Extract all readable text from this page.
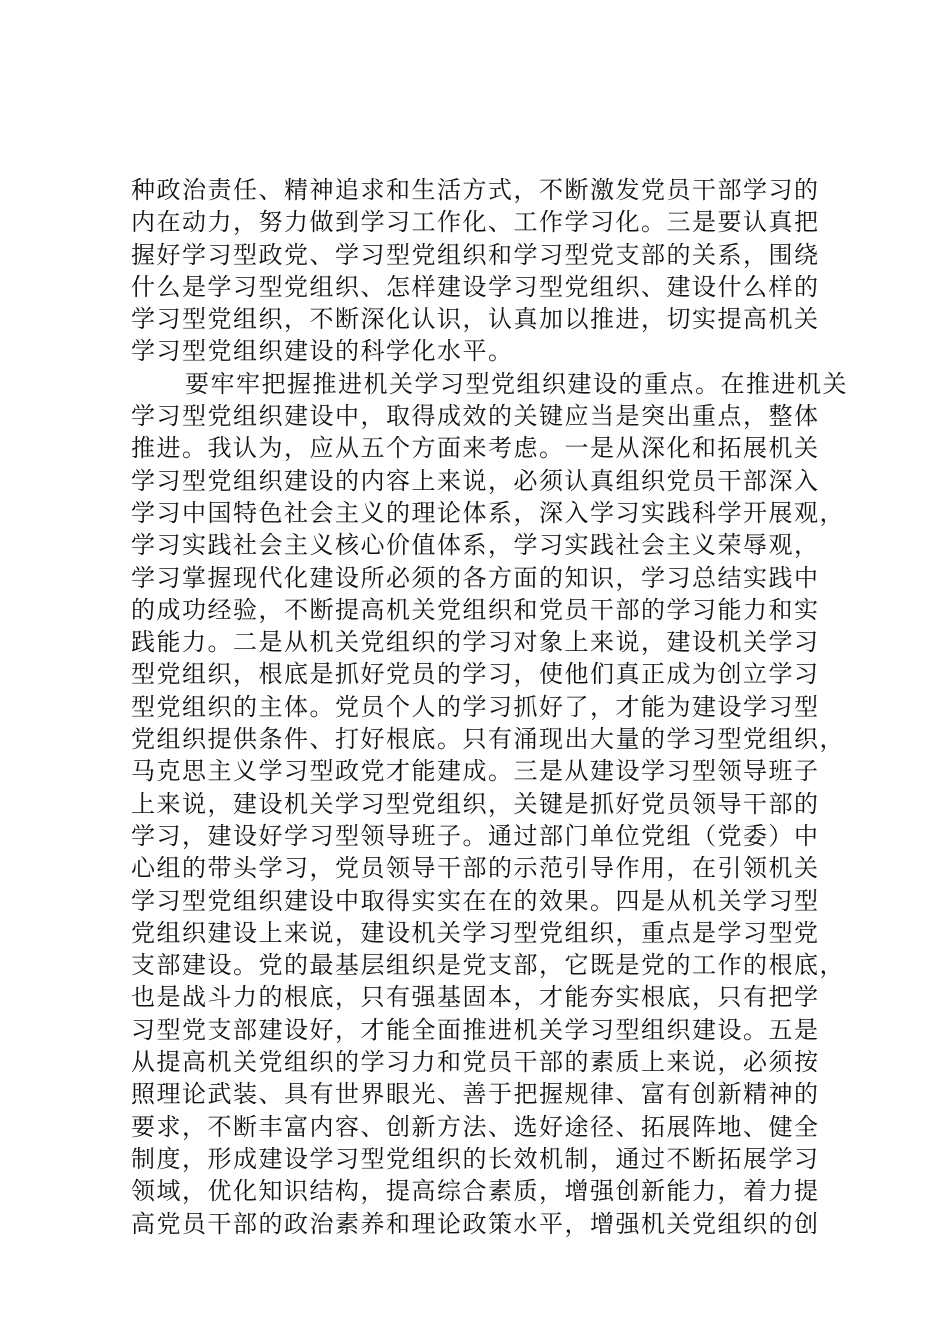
种政治责任、精神追求和生活方式，不断激发党员干部学习的
内在动力，努力做到学习工作化、工作学习化。三是要认真把
握好学习型政党、学习型党组织和学习型党支部的关系，围绕
什么是学习型党组织、怎样建设学习型党组织、建设什么样的
学习型党组织，不断深化认识，认真加以推进，切实提高机关
学习型党组织建设的科学化水平。
要牢牢把握推进机关学习型党组织建设的重点。在推进机关
学习型党组织建设中，取得成效的关键应当是突出重点，整体
推进。我认为，应从五个方面来考虑。一是从深化和拓展机关
学习型党组织建设的内容上来说，必须认真组织党员干部深入
学习中国特色社会主义的理论体系，深入学习实践科学开展观，
学习实践社会主义核心价值体系，学习实践社会主义荣辱观，
学习掌握现代化建设所必须的各方面的知识，学习总结实践中
的成功经验，不断提高机关党组织和党员干部的学习能力和实
践能力。二是从机关党组织的学习对象上来说，建设机关学习
型党组织，根底是抓好党员的学习，使他们真正成为创立学习
型党组织的主体。党员个人的学习抓好了，才能为建设学习型
党组织提供条件、打好根底。只有涌现出大量的学习型党组织，
马克思主义学习型政党才能建成。三是从建设学习型领导班子
上来说，建设机关学习型党组织，关键是抓好党员领导干部的
学习，建设好学习型领导班子。通过部门单位党组（党委）中
心组的带头学习，党员领导干部的示范引导作用，在引领机关
学习型党组织建设中取得实实在在的效果。四是从机关学习型
党组织建设上来说，建设机关学习型党组织，重点是学习型党
支部建设。党的最基层组织是党支部，它既是党的工作的根底，
也是战斗力的根底，只有强基固本，才能夯实根底，只有把学
习型党支部建设好，才能全面推进机关学习型组织建设。五是
从提高机关党组织的学习力和党员干部的素质上来说，必须按
照理论武装、具有世界眼光、善于把握规律、富有创新精神的
要求，不断丰富内容、创新方法、选好途径、拓展阵地、健全
制度，形成建设学习型党组织的长效机制，通过不断拓展学习
领域，优化知识结构，提高综合素质，增强创新能力，着力提
高党员干部的政治素养和理论政策水平，增强机关党组织的创
